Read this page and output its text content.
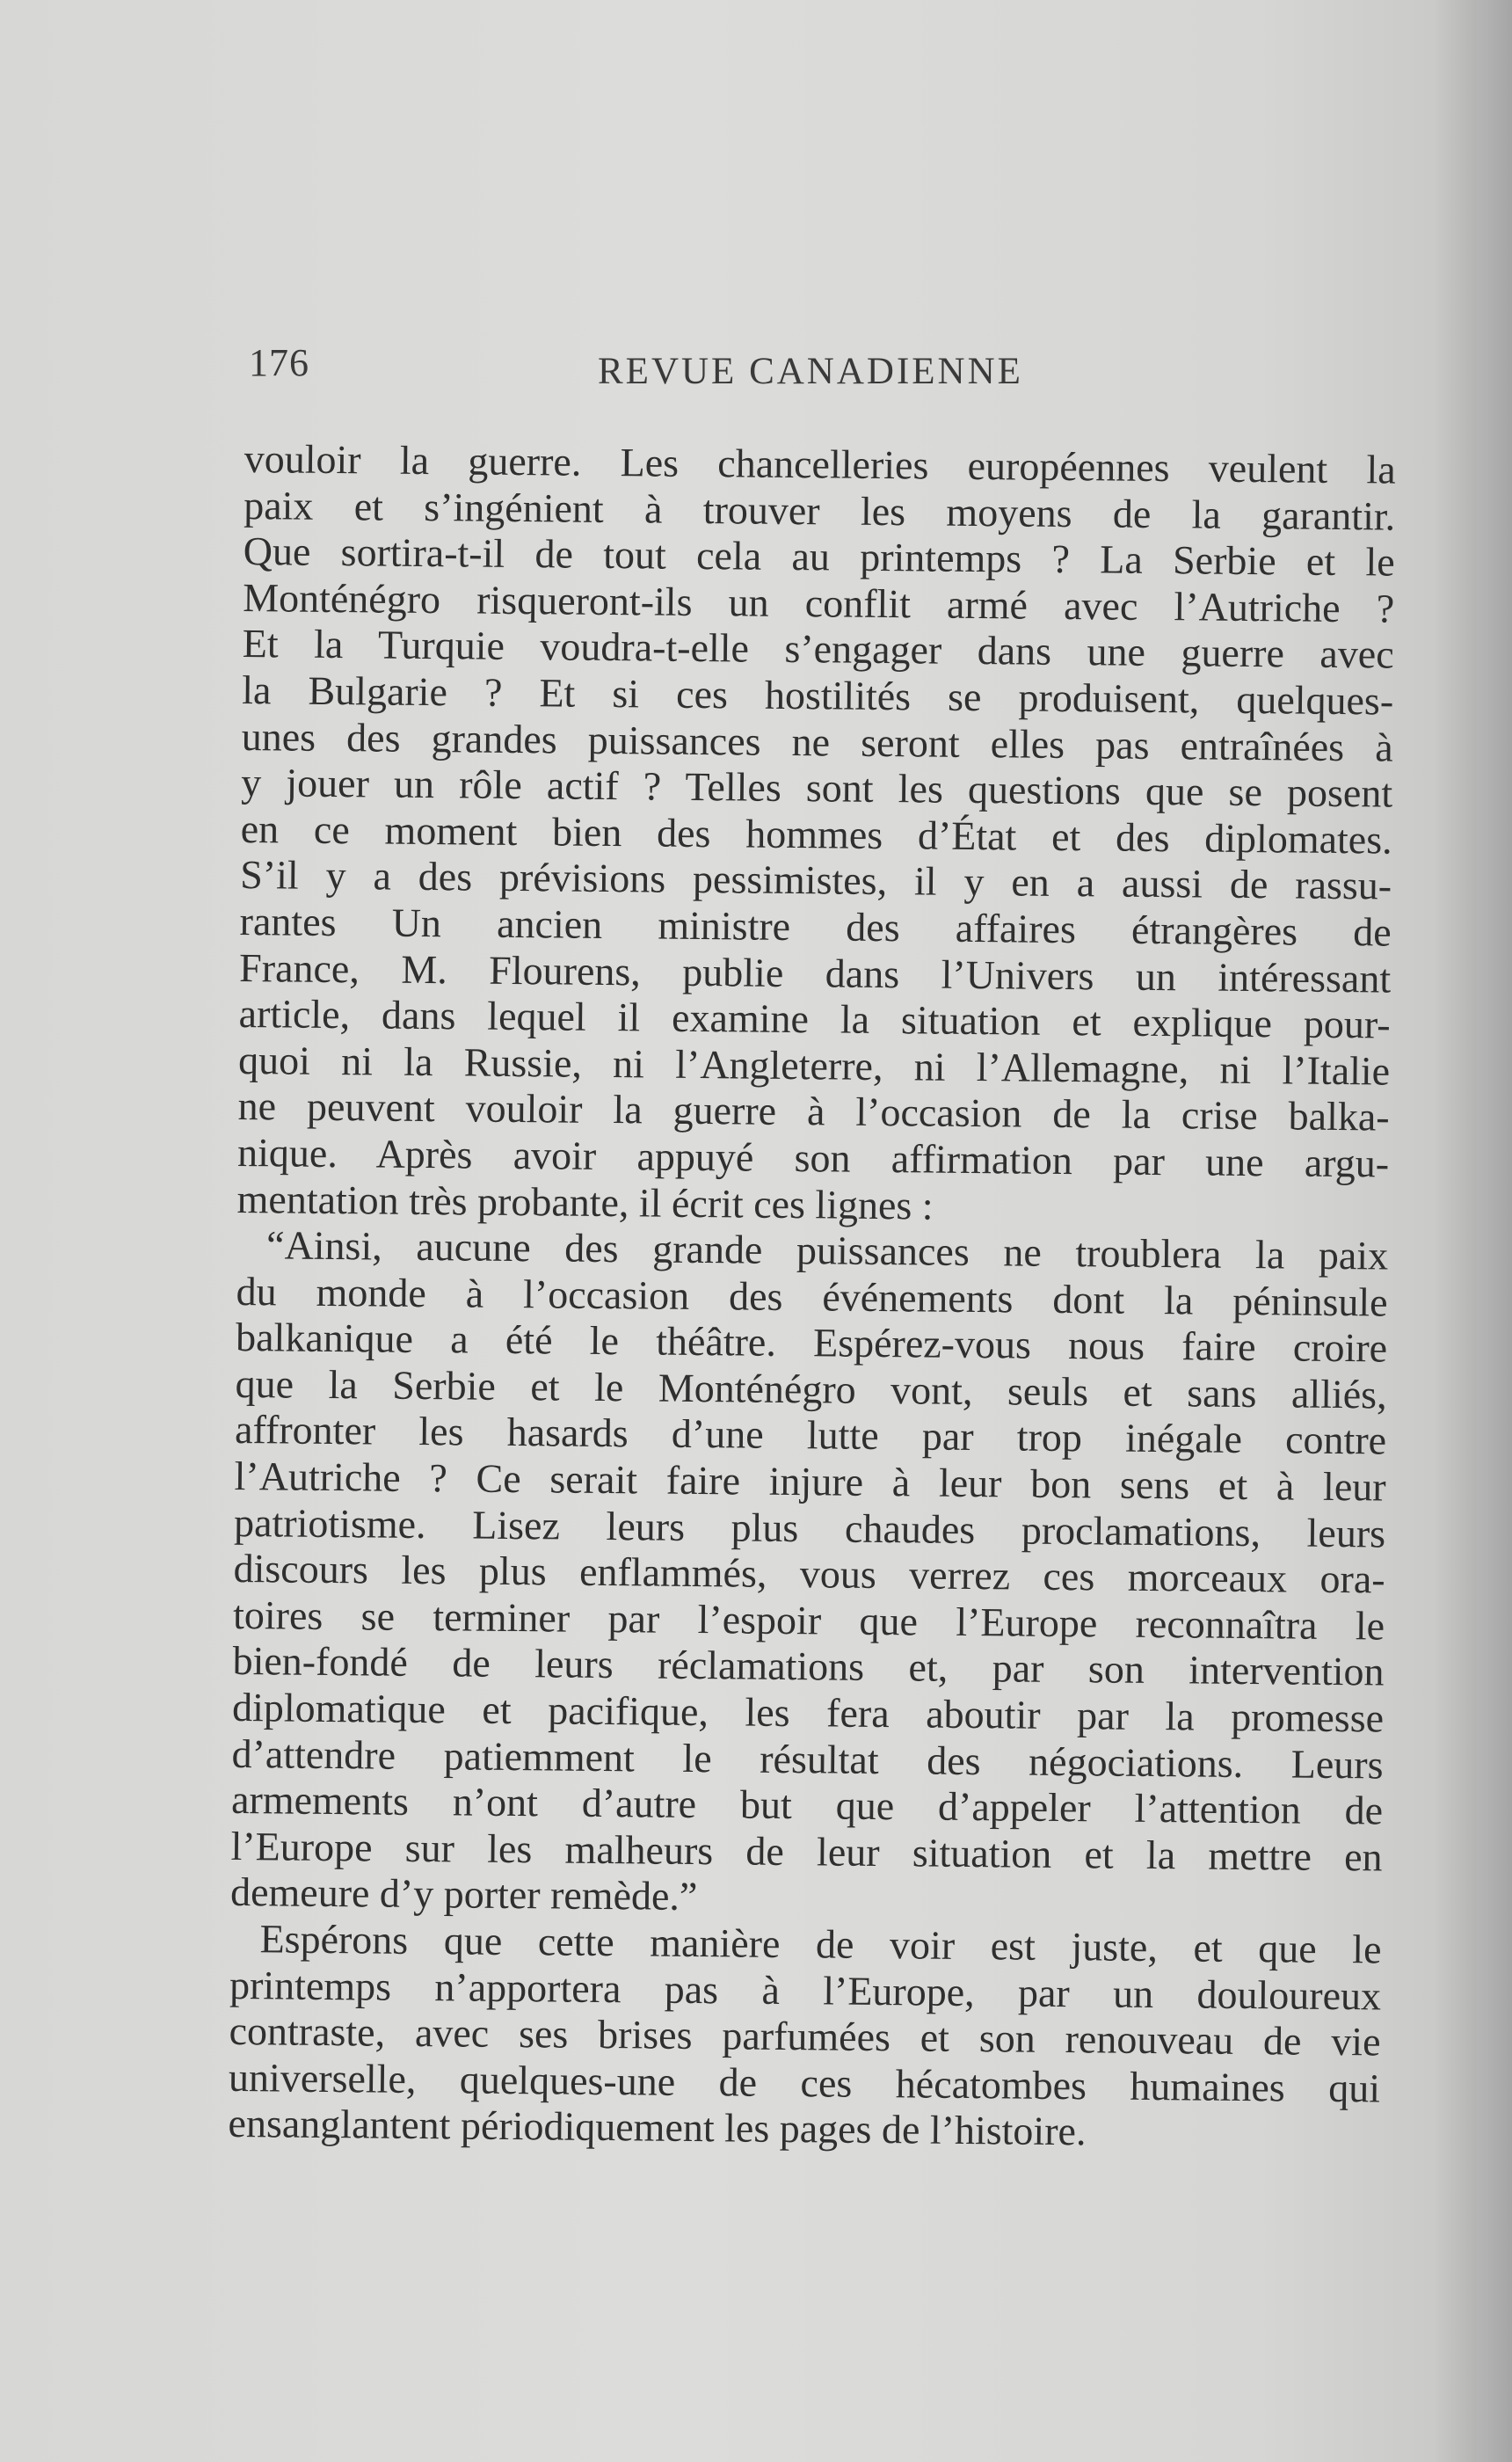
176	REVUE CANADIENNE
vouloir la guerre. Les chancelleries européennes veulent la
paix et s’ingénient à trouver les moyens de la garantir.
Que sortira-t-il de tout cela au printemps ? La Serbie et le
Monténégro risqueront-ils un conflit armé avec l’Autriche ?
Et la Turquie voudra-t-elle s’engager dans une guerre avec
la Bulgarie ? Et si ces hostilités se produisent, quelques-
unes des grandes puissances ne seront elles pas entraînées à
y jouer un rôle actif ? Telles sont les questions que se posent
en ce moment bien des hommes d’État et des diplomates.
S’il y a des prévisions pessimistes, il y en a aussi de rassu-
rantes Un ancien ministre des affaires étrangères de
France, M. Flourens, publie dans l’Univers un intéressant
article, dans lequel il examine la situation et explique pour-
quoi ni la Russie, ni l’Angleterre, ni l’Allemagne, ni l’Italie
ne peuvent vouloir la guerre à l’occasion de la crise balka-
nique. Après avoir appuyé son affirmation par une argu-
mentation très probante, il écrit ces lignes :
“Ainsi, aucune des grande puissances ne troublera la paix
du monde à l’occasion des événements dont la péninsule
balkanique a été le théâtre. Espérez-vous nous faire croire
que la Serbie et le Monténégro vont, seuls et sans alliés,
affronter les hasards d’une lutte par trop inégale contre
l’Autriche ? Ce serait faire injure à leur bon sens et à leur
patriotisme. Lisez leurs plus chaudes proclamations, leurs
discours les plus enflammés, vous verrez ces morceaux ora-
toires se terminer par l’espoir que l’Europe reconnaîtra le
bien-fondé de leurs réclamations et, par son intervention
diplomatique et pacifique, les fera aboutir par la promesse
d’attendre patiemment le résultat des négociations. Leurs
armements n’ont d’autre but que d’appeler l’attention de
l’Europe sur les malheurs de leur situation et la mettre en
demeure d’y porter remède.”
Espérons que cette manière de voir est juste, et que le
printemps n’apportera pas à l’Europe, par un douloureux
contraste, avec ses brises parfumées et son renouveau de vie
universelle, quelques-une de ces hécatombes humaines qui
ensanglantent périodiquement les pages de l’histoire.
